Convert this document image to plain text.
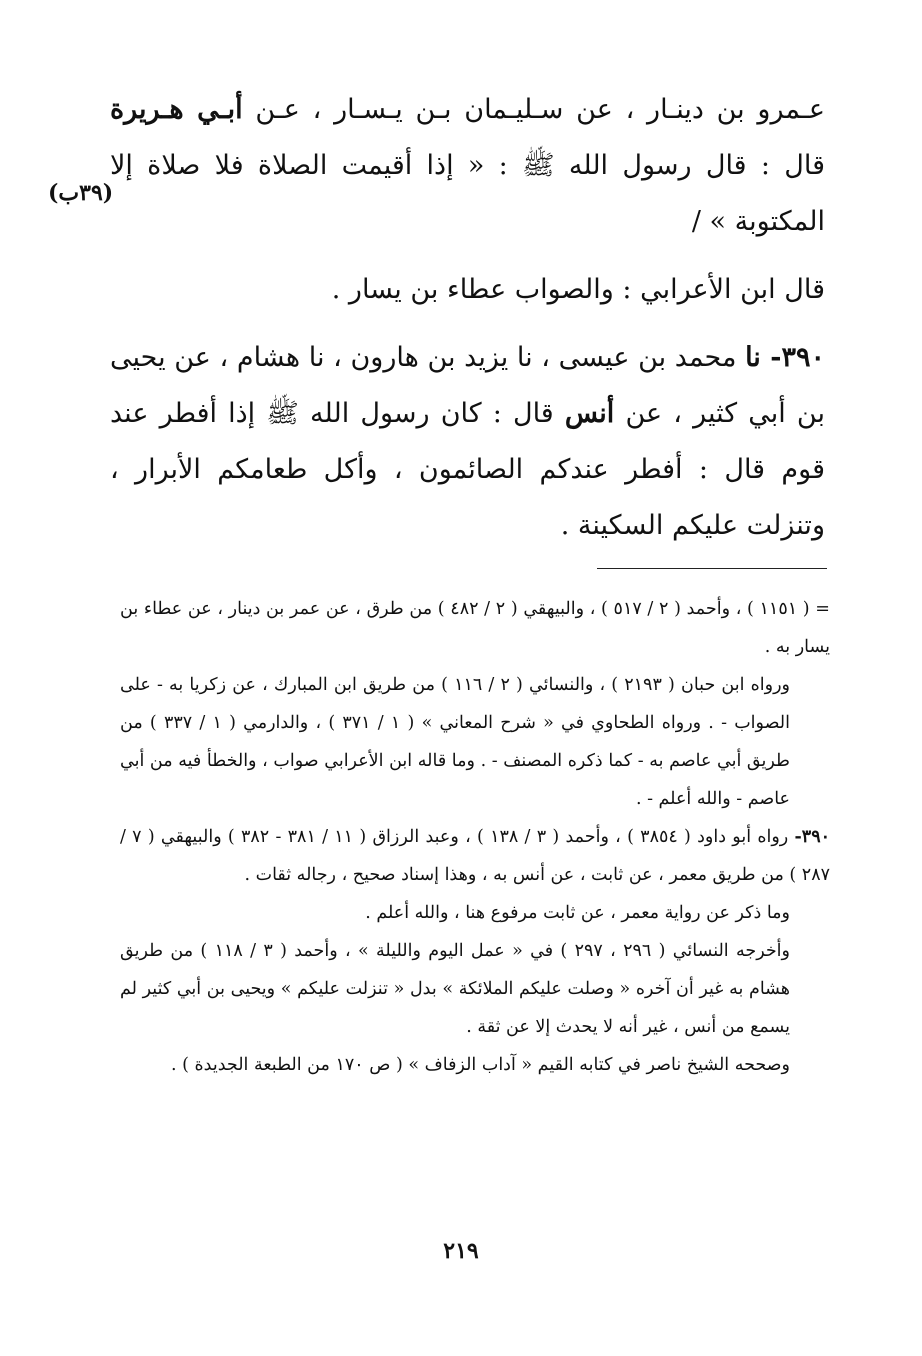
عـمرو بن دينـار ، عن سـليـمان بـن يـسـار ، عـن أبـي هـريرة قال : قال رسول الله ﷺ : « إذا أقيمت الصلاة فلا صلاة إلا المكتوبة » /

قال ابن الأعرابي : والصواب عطاء بن يسار .

٣٩٠- نا محمد بن عيسى ، نا يزيد بن هارون ، نا هشام ، عن يحيى بن أبي كثير ، عن أنس قال : كان رسول الله ﷺ إذا أفطر عند قوم قال : أفطر عندكم الصائمون ، وأكل طعامكم الأبرار ، وتنزلت عليكم السكينة .

(٣٩ب)

= ( ١١٥١ ) ، وأحمد ( ٢ / ٥١٧ ) ، والبيهقي ( ٢ / ٤٨٢ ) من طرق ، عن عمر بن دينار ، عن عطاء بن يسار به .

ورواه ابن حبان ( ٢١٩٣ ) ، والنسائي ( ٢ / ١١٦ ) من طريق ابن المبارك ، عن زكريا به - على الصواب - . ورواه الطحاوي في « شرح المعاني » ( ١ / ٣٧١ ) ، والدارمي ( ١ / ٣٣٧ ) من طريق أبي عاصم به - كما ذكره المصنف - . وما قاله ابن الأعرابي صواب ، والخطأ فيه من أبي عاصم - والله أعلم - .

٣٩٠- رواه أبو داود ( ٣٨٥٤ ) ، وأحمد ( ٣ / ١٣٨ ) ، وعبد الرزاق ( ١١ / ٣٨١ - ٣٨٢ ) والبيهقي ( ٧ / ٢٨٧ ) من طريق معمر ، عن ثابت ، عن أنس به ، وهذا إسناد صحيح ، رجاله ثقات .

وما ذكر عن رواية معمر ، عن ثابت مرفوع هنا ، والله أعلم .

وأخرجه النسائي ( ٢٩٦ ، ٢٩٧ ) في « عمل اليوم والليلة » ، وأحمد ( ٣ / ١١٨ ) من طريق هشام به غير أن آخره « وصلت عليكم الملائكة » بدل « تنزلت عليكم » ويحيى بن أبي كثير لم يسمع من أنس ، غير أنه لا يحدث إلا عن ثقة .

وصححه الشيخ ناصر في كتابه القيم « آداب الزفاف » ( ص ١٧٠ من الطبعة الجديدة ) .

٢١٩
